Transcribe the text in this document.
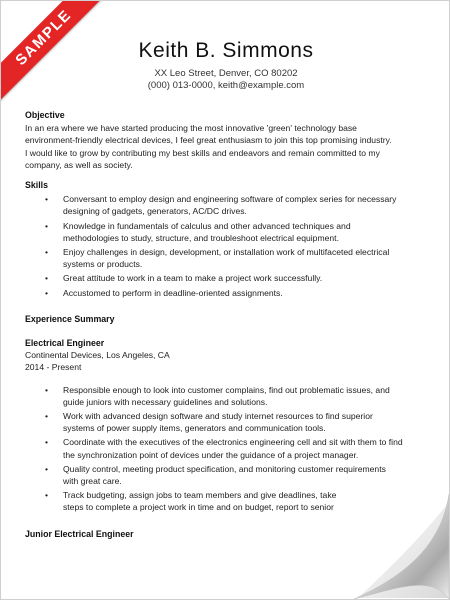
SAMPLE	Keith B. Simmons
XX Leo Street, Denver, CO 80202
(000) 013-0000, keith@example.com
Objective
In an era where we have started producing the most innovative 'green' technology base
environment-friendly electrical devices, I feel great enthusiasm to join this top promising industry.
I would like to grow by contributing my best skills and endeavors and remain committed to my
company, as well as society.
Skills
• Conversant to employ design and engineering software of complex series for necessary
designing of gadgets, generators, AC/DC drives.
• Knowledge in fundamentals of calculus and other advanced techniques and
methodologies to study, structure, and troubleshoot electrical equipment.
• Enjoy challenges in design, development, or installation work of multifaceted electrical
systems or products.
• Great attitude to work in a team to make a project work successfully.
• Accustomed to perform in deadline-oriented assignments.
Experience Summary
Electrical Engineer
Continental Devices, Los Angeles, CA
2014 - Present
• Responsible enough to look into customer complains, find out problematic issues, and
guide juniors with necessary guidelines and solutions.
• Work with advanced design software and study internet resources to find superior
systems of power supply items, generators and communication tools.
• Coordinate with the executives of the electronics engineering cell and sit with them to find
the synchronization point of devices under the guidance of a project manager.
• Quality control, meeting product specification, and monitoring customer requirements
with great care.
• Track budgeting, assign jobs to team members and give deadlines, take
steps to complete a project work in time and on budget, report to senior
Junior Electrical Engineer
